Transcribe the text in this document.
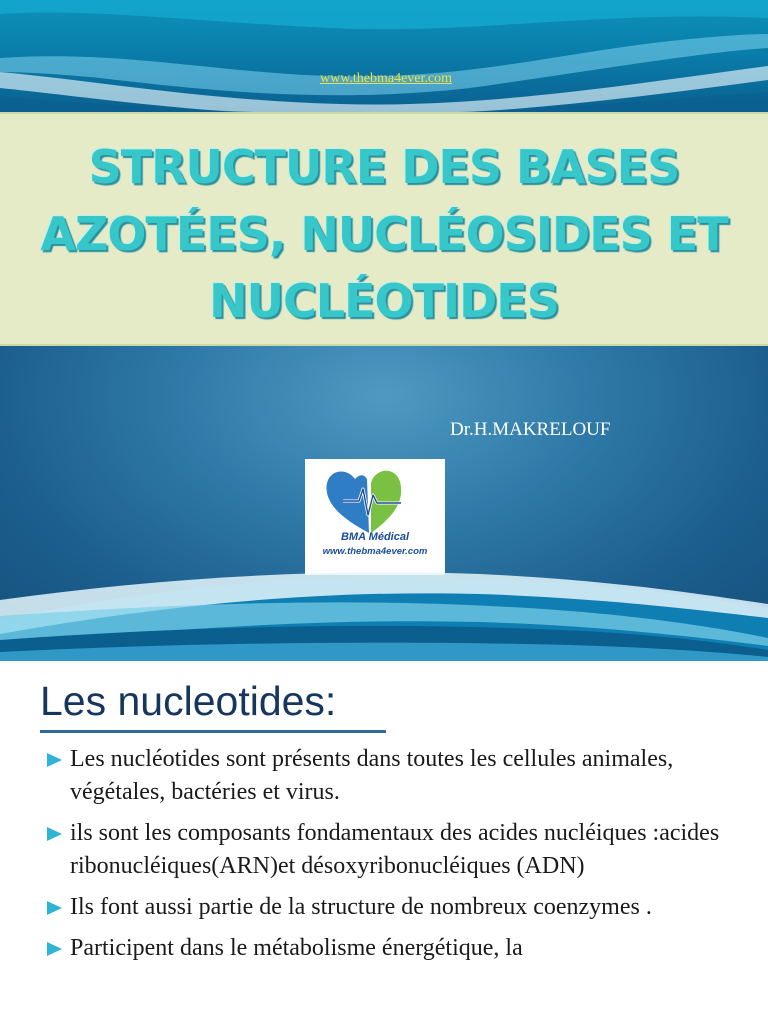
www.thebma4ever.com
STRUCTURE DES BASES
AZOTÉES, NUCLÉOSIDES ET
NUCLÉOTIDES
Dr.H.MAKRELOUF
BMA Médical
www.thebma4ever.com
Les nucleotides:
Les nucléotides sont présents dans toutes les cellules animales, végétales, bactéries et virus.
ils sont les composants fondamentaux des acides nucléiques :acides ribonucléiques(ARN)et désoxyribonucléiques (ADN)
Ils font aussi partie de la structure de nombreux coenzymes .
Participent dans le métabolisme énergétique, la
